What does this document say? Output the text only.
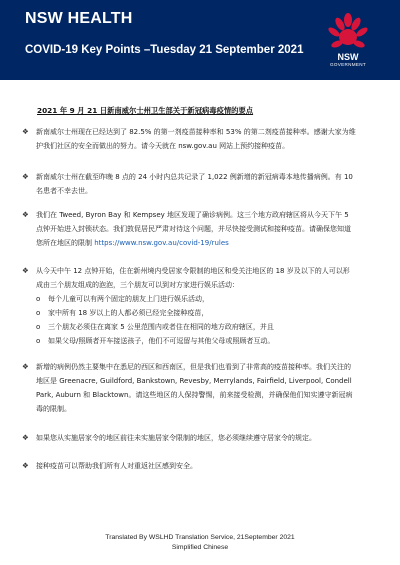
NSW HEALTH
COVID-19 Key Points –Tuesday 21 September 2021
NSW
GOVERNMENT
2021 年 9 月 21 日新南威尔士州卫生部关于新冠病毒疫情的要点
❖ 新南威尔士州现在已经达到了 82.5% 的第一剂疫苗接种率和 53% 的第二剂疫苗接种率。感谢大家为维护我们社区的安全而做出的努力。请今天就在 nsw.gov.au 网站上预约接种疫苗。

❖ 新南威尔士州在截至昨晚 8 点的 24 小时内总共记录了 1,022 例新增的新冠病毒本地传播病例。有 10 名患者不幸去世。

❖ 我们在 Tweed, Byron Bay 和 Kempsey 地区发现了确诊病例。这三个地方政府辖区将从今天下午 5 点钟开始进入封锁状态。我们敦促居民严肃对待这个问题，并尽快接受测试和接种疫苗。请确保您知道您所在地区的限制 https://www.nsw.gov.au/covid-19/rules

❖ 从今天中午 12 点钟开始，住在新州境内受居家令限制的地区和受关注地区的 18 岁及以下的人可以形成由三个朋友组成的泡泡，三个朋友可以到对方家进行娱乐活动：

o 每个儿童可以有两个固定的朋友上门进行娱乐活动，

o 家中所有 18 岁以上的人都必须已经完全接种疫苗，

o 三个朋友必须住在离家 5 公里范围内或者住在相同的地方政府辖区，并且

o 如果父母/照顾者开车接送孩子，他们不可逗留与其他父母或照顾者互动。

❖ 新增的病例仍然主要集中在悉尼的西区和西南区，但是我们也看到了非常高的疫苗接种率。我们关注的地区是 Greenacre, Guildford, Bankstown, Revesby, Merrylands, Fairfield, Liverpool, Condell Park, Auburn 和 Blacktown。请这些地区的人保持警惕，前来接受检测，并确保他们知实遵守新冠病毒的限制。

❖ 如果您从实施居家令的地区前往未实施居家令限制的地区，您必须继续遵守居家令的规定。

❖ 接种疫苗可以帮助我们所有人对重返社区感到安全。

Translated By WSLHD Translation Service, 21September 2021
Simplified Chinese
